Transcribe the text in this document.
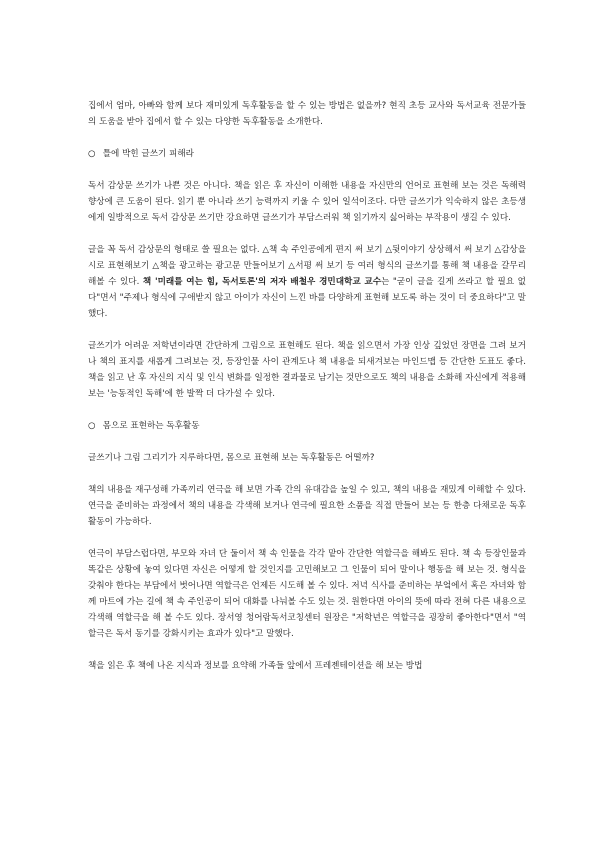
집에서 엄마, 아빠와 함께 보다 재미있게 독후활동을 할 수 있는 방법은 없을까? 현직 초등 교사와 독서교육 전문가들의 도움을 받아 집에서 할 수 있는 다양한 독후활동을 소개한다.

○ 틀에 박힌 글쓰기 피해라

독서 감상문 쓰기가 나쁜 것은 아니다. 책을 읽은 후 자신이 이해한 내용을 자신만의 언어로 표현해 보는 것은 독해력 향상에 큰 도움이 된다. 읽기 뿐 아니라 쓰기 능력까지 키울 수 있어 일석이조다. 다만 글쓰기가 익숙하지 않은 초등생에게 일방적으로 독서 감상문 쓰기만 강요하면 글쓰기가 부담스러워 책 읽기까지 싫어하는 부작용이 생길 수 있다.

글을 꼭 독서 감상문의 형태로 쓸 필요는 없다. △책 속 주인공에게 편지 써 보기 △뒷이야기 상상해서 써 보기 △감상을 시로 표현해보기 △책을 광고하는 광고문 만들어보기 △서평 써 보기 등 여러 형식의 글쓰기를 통해 책 내용을 갈무리 해볼 수 있다. 책 '미래를 여는 힘, 독서토론'의 저자 배철우 경민대학교 교수는 "굳이 글을 길게 쓰라고 할 필요 없다"면서 "주제나 형식에 구애받지 않고 아이가 자신이 느낀 바를 다양하게 표현해 보도록 하는 것이 더 중요하다"고 말했다.

글쓰기가 어려운 저학년이라면 간단하게 그림으로 표현해도 된다. 책을 읽으면서 가장 인상 깊었던 장면을 그려 보거나 책의 표지를 새롭게 그려보는 것, 등장인물 사이 관계도나 책 내용을 되새겨보는 마인드맵 등 간단한 도표도 좋다. 책을 읽고 난 후 자신의 지식 및 인식 변화를 일정한 결과물로 남기는 것만으로도 책의 내용을 소화해 자신에게 적용해보는 '능동적인 독해'에 한 발짝 더 다가설 수 있다.

○ 몸으로 표현하는 독후활동

글쓰기나 그림 그리기가 지루하다면, 몸으로 표현해 보는 독후활동은 어떨까?

책의 내용을 재구성해 가족끼리 연극을 해 보면 가족 간의 유대감을 높일 수 있고, 책의 내용을 재밌게 이해할 수 있다. 연극을 준비하는 과정에서 책의 내용을 각색해 보거나 연극에 필요한 소품을 직접 만들어 보는 등 한층 다채로운 독후활동이 가능하다.

연극이 부담스럽다면, 부모와 자녀 단 둘이서 책 속 인물을 각각 맡아 간단한 역할극을 해봐도 된다. 책 속 등장인물과 똑같은 상황에 놓여 있다면 자신은 어떻게 할 것인지를 고민해보고 그 인물이 되어 말이나 행동을 해 보는 것. 형식을 갖춰야 한다는 부담에서 벗어나면 역할극은 언제든 시도해 볼 수 있다. 저녁 식사를 준비하는 부엌에서 혹은 자녀와 함께 마트에 가는 길에 책 속 주인공이 되어 대화를 나눠볼 수도 있는 것. 원한다면 아이의 뜻에 따라 전혀 다른 내용으로 각색해 역할극을 해 볼 수도 있다. 장서영 청어람독서코칭센터 원장은 "저학년은 역할극을 굉장히 좋아한다"면서 "역할극은 독서 동기를 강화시키는 효과가 있다"고 말했다.

책을 읽은 후 책에 나온 지식과 정보를 요약해 가족들 앞에서 프레젠테이션을 해 보는 방법
